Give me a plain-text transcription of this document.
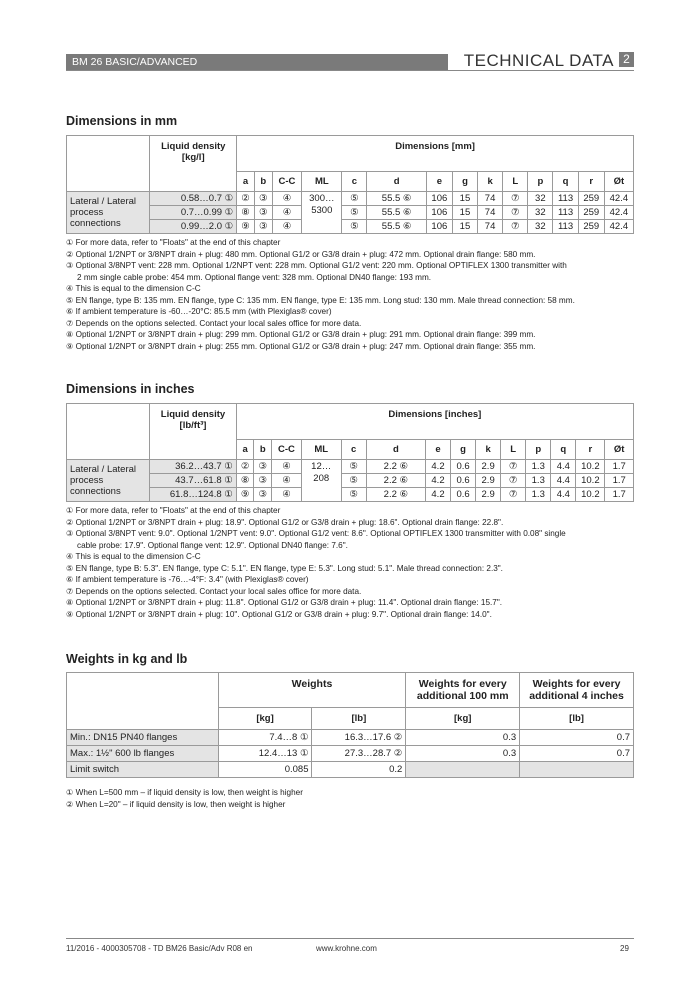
BM 26 BASIC/ADVANCED	TECHNICAL DATA 2
Dimensions in mm
	Liquid density [kg/l]	Dimensions [mm]													
		a	b	C-C	ML	c	d	e	g	k	L	p	q	r	Øt
Lateral / Lateral process connections	0.58…0.7 ①	②	③	④	300… 5300	⑤	55.5 ⑥	106	15	74	⑦	32	113	259	42.4
	0.7…0.99 ①	⑧	③	④		⑤	55.5 ⑥	106	15	74	⑦	32	113	259	42.4
	0.99…2.0 ①	⑨	③	④		⑤	55.5 ⑥	106	15	74	⑦	32	113	259	42.4
① For more data, refer to "Floats" at the end of this chapter
② Optional 1/2NPT or 3/8NPT drain + plug: 480 mm. Optional G1/2 or G3/8 drain + plug: 472 mm. Optional drain flange: 580 mm.
③ Optional 3/8NPT vent: 228 mm. Optional 1/2NPT vent: 228 mm. Optional G1/2 vent: 220 mm. Optional OPTIFLEX 1300 transmitter with
2 mm single cable probe: 454 mm. Optional flange vent: 328 mm. Optional DN40 flange: 193 mm.
④ This is equal to the dimension C-C
⑤ EN flange, type B: 135 mm. EN flange, type C: 135 mm. EN flange, type E: 135 mm. Long stud: 130 mm. Male thread connection: 58 mm.
⑥ If ambient temperature is -60…-20°C: 85.5 mm (with Plexiglas® cover)
⑦ Depends on the options selected. Contact your local sales office for more data.
⑧ Optional 1/2NPT or 3/8NPT drain + plug: 299 mm. Optional G1/2 or G3/8 drain + plug: 291 mm. Optional drain flange: 399 mm.
⑨ Optional 1/2NPT or 3/8NPT drain + plug: 255 mm. Optional G1/2 or G3/8 drain + plug: 247 mm. Optional drain flange: 355 mm.
Dimensions in inches
	Liquid density [lb/ft³]	Dimensions [inches]													
		a	b	C-C	ML	c	d	e	g	k	L	p	q	r	Øt
Lateral / Lateral process connections	36.2…43.7 ①	②	③	④	12… 208	⑤	2.2 ⑥	4.2	0.6	2.9	⑦	1.3	4.4	10.2	1.7
	43.7…61.8 ①	⑧	③	④		⑤	2.2 ⑥	4.2	0.6	2.9	⑦	1.3	4.4	10.2	1.7
	61.8…124.8 ①	⑨	③	④		⑤	2.2 ⑥	4.2	0.6	2.9	⑦	1.3	4.4	10.2	1.7
① For more data, refer to "Floats" at the end of this chapter
② Optional 1/2NPT or 3/8NPT drain + plug: 18.9". Optional G1/2 or G3/8 drain + plug: 18.6". Optional drain flange: 22.8".
③ Optional 3/8NPT vent: 9.0". Optional 1/2NPT vent: 9.0". Optional G1/2 vent: 8.6". Optional OPTIFLEX 1300 transmitter with 0.08" single
cable probe: 17.9". Optional flange vent: 12.9". Optional DN40 flange: 7.6".
④ This is equal to the dimension C-C
⑤ EN flange, type B: 5.3". EN flange, type C: 5.1". EN flange, type E: 5.3". Long stud: 5.1". Male thread connection: 2.3".
⑥ If ambient temperature is -76…-4°F: 3.4" (with Plexiglas® cover)
⑦ Depends on the options selected. Contact your local sales office for more data.
⑧ Optional 1/2NPT or 3/8NPT drain + plug: 11.8". Optional G1/2 or G3/8 drain + plug: 11.4". Optional drain flange: 15.7".
⑨ Optional 1/2NPT or 3/8NPT drain + plug: 10". Optional G1/2 or G3/8 drain + plug: 9.7". Optional drain flange: 14.0".
Weights in kg and lb
	Weights		Weights for every additional 100 mm	Weights for every additional 4 inches
	[kg]	[lb]	[kg]	[lb]
Min.: DN15 PN40 flanges	7.4…8 ①	16.3…17.6 ②	0.3	0.7
Max.: 1½" 600 lb flanges	12.4…13 ①	27.3…28.7 ②	0.3	0.7
Limit switch	0.085	0.2		
① When L=500 mm – if liquid density is low, then weight is higher
② When L=20" – if liquid density is low, then weight is higher
11/2016 - 4000305708 - TD BM26 Basic/Adv R08 en	www.krohne.com	29
